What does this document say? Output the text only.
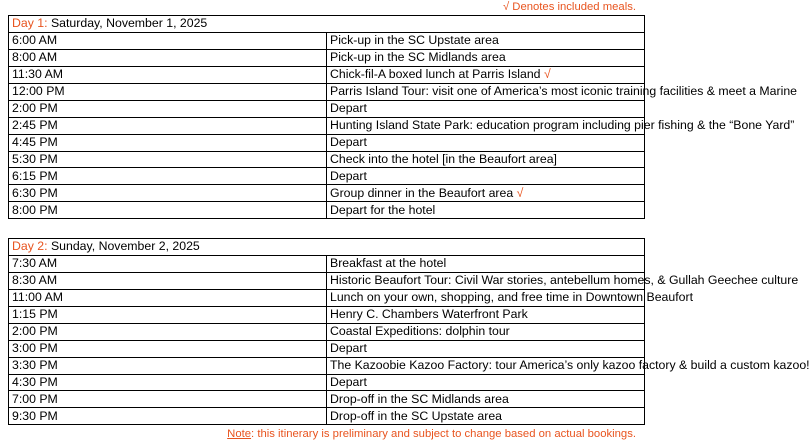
√ Denotes included meals.
Day 1: Saturday, November 1, 2025	
6:00 AM	Pick-up in the SC Upstate area
8:00 AM	Pick-up in the SC Midlands area
11:30 AM	Chick-fil-A boxed lunch at Parris Island √
12:00 PM	Parris Island Tour: visit one of America’s most iconic training facilities & meet a Marine
2:00 PM	Depart
2:45 PM	Hunting Island State Park: education program including pier fishing & the “Bone Yard”
4:45 PM	Depart
5:30 PM	Check into the hotel [in the Beaufort area]
6:15 PM	Depart
6:30 PM	Group dinner in the Beaufort area √
8:00 PM	Depart for the hotel
Day 2: Sunday, November 2, 2025	
7:30 AM	Breakfast at the hotel
8:30 AM	Historic Beaufort Tour: Civil War stories, antebellum homes, & Gullah Geechee culture
11:00 AM	Lunch on your own, shopping, and free time in Downtown Beaufort
1:15 PM	Henry C. Chambers Waterfront Park
2:00 PM	Coastal Expeditions: dolphin tour
3:00 PM	Depart
3:30 PM	The Kazoobie Kazoo Factory: tour America’s only kazoo factory & build a custom kazoo!
4:30 PM	Depart
7:00 PM	Drop-off in the SC Midlands area
9:30 PM	Drop-off in the SC Upstate area
Note: this itinerary is preliminary and subject to change based on actual bookings.
